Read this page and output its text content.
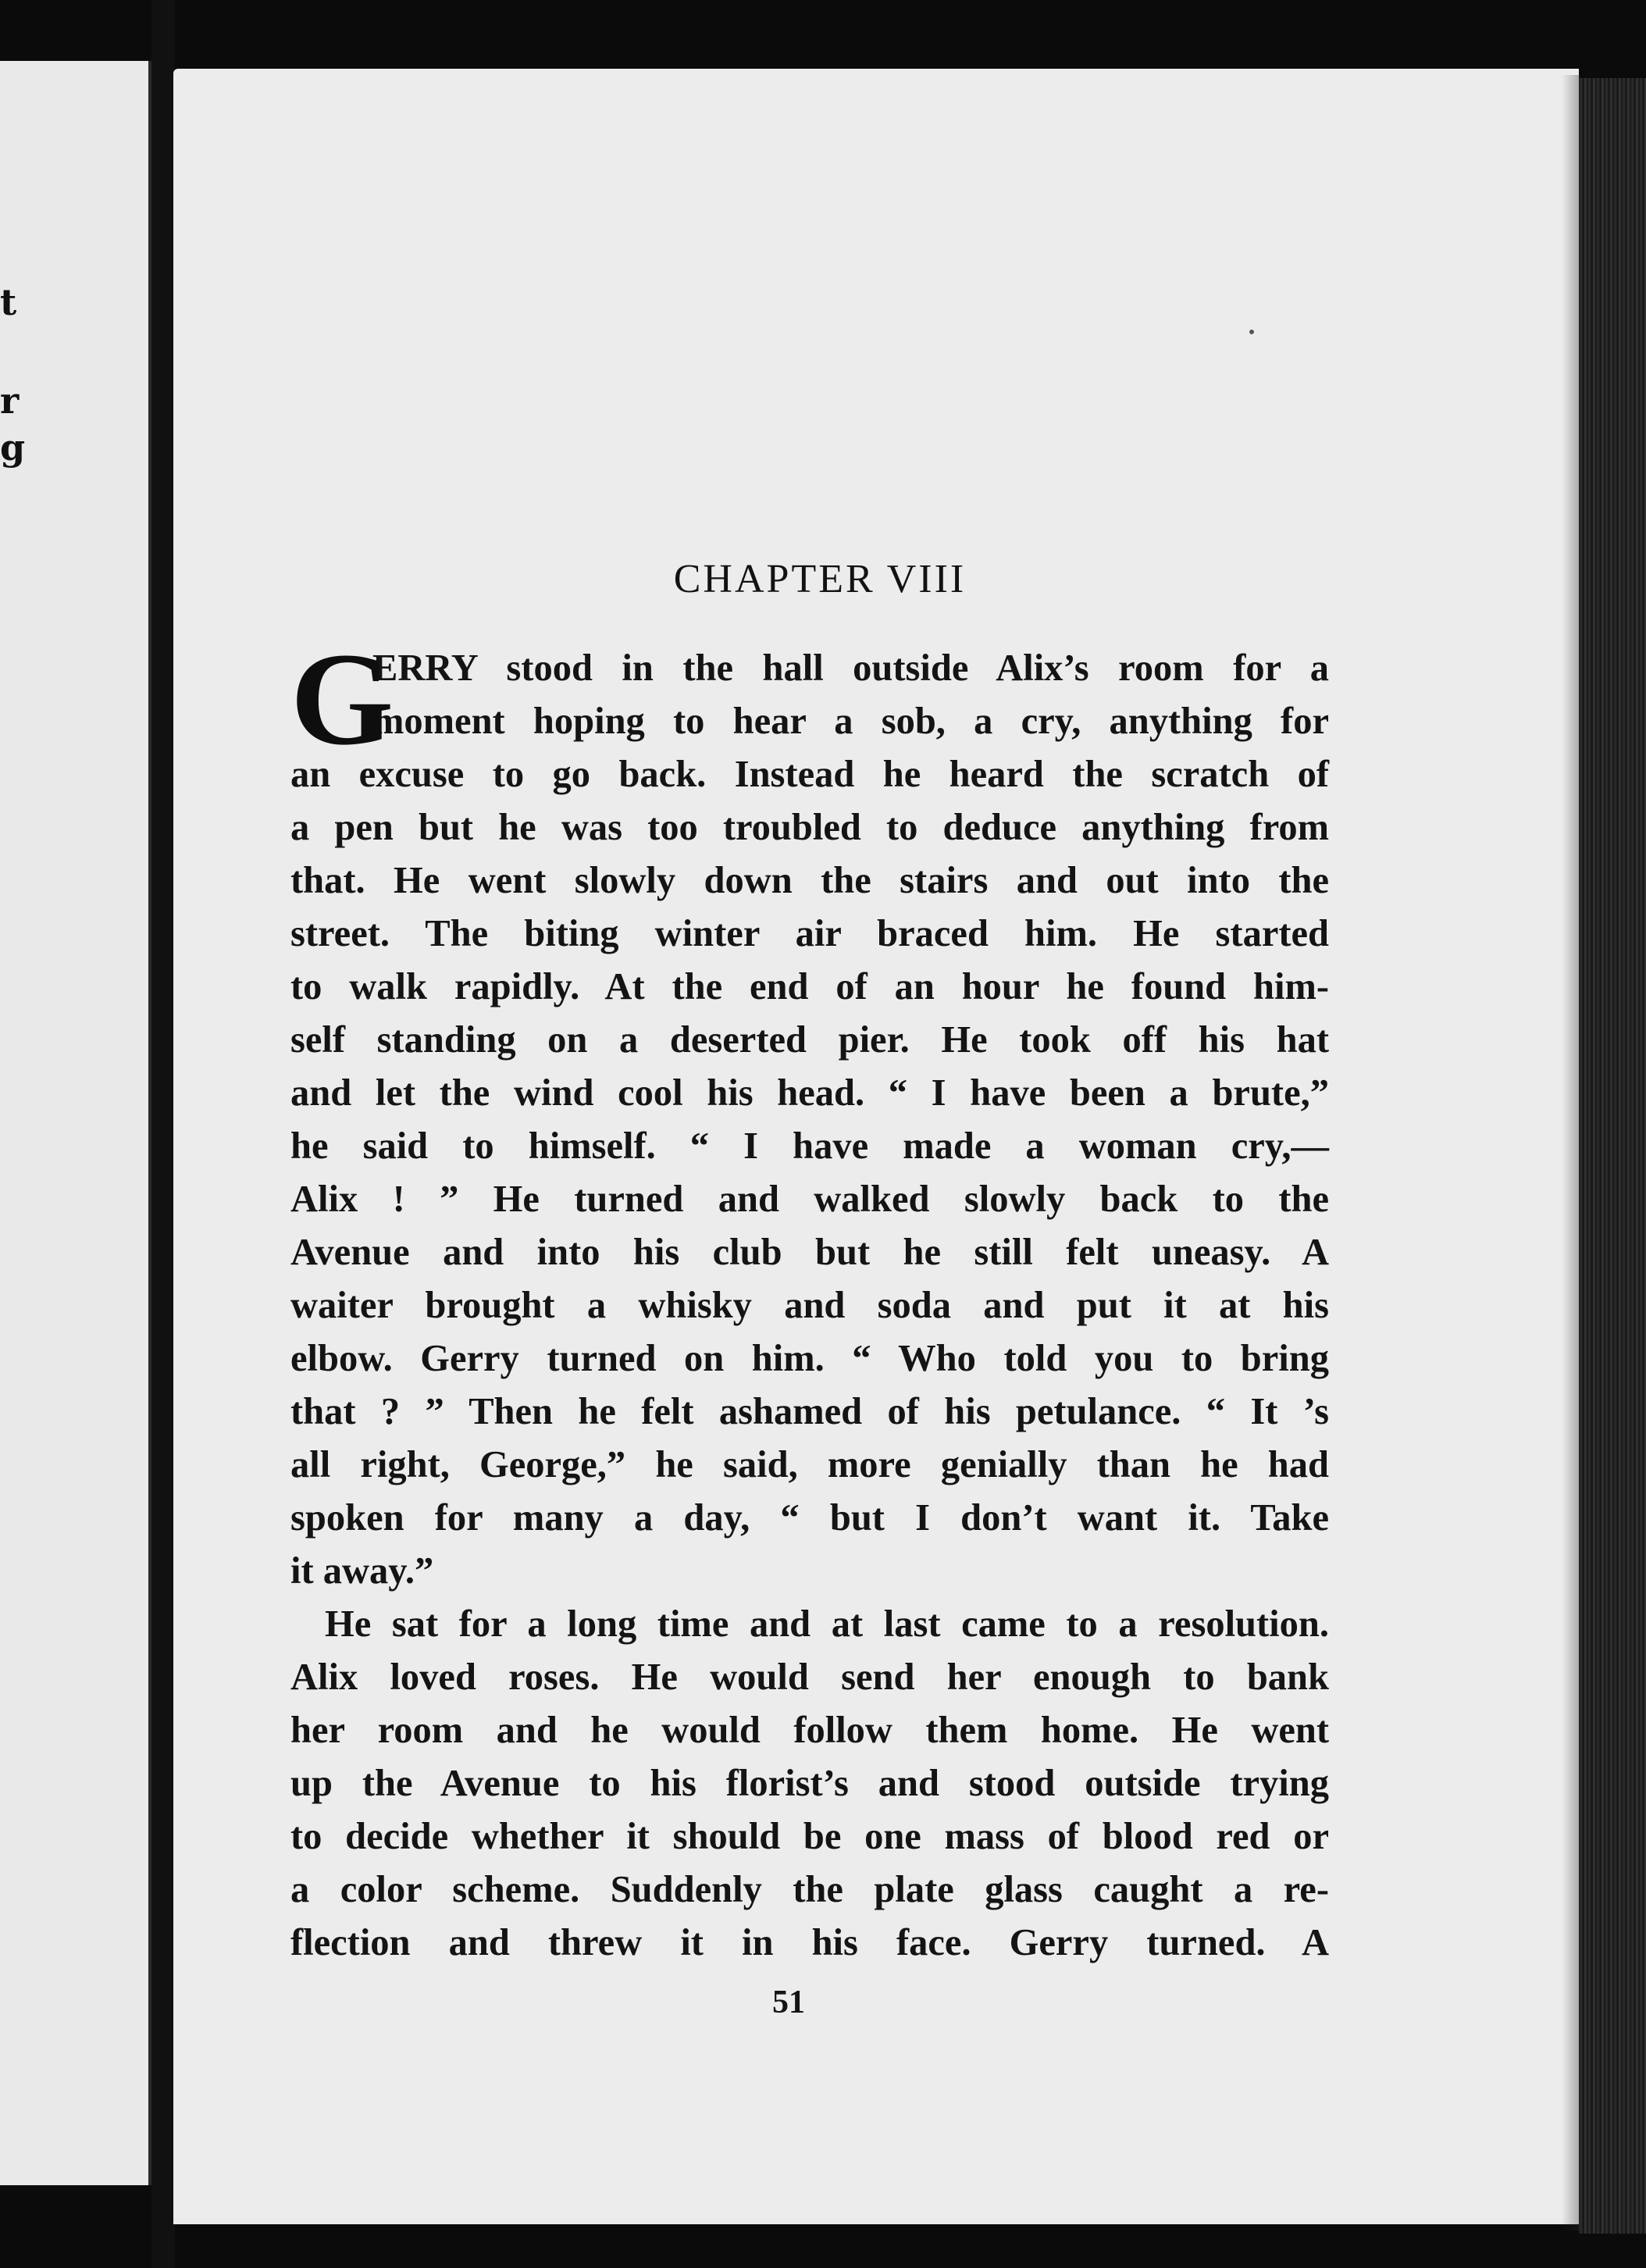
t
r
g
CHAPTER VIII
G
ERRY stood in the hall outside Alix’s room for a
moment hoping to hear a sob, a cry, anything for
an excuse to go back. Instead he heard the scratch of
a pen but he was too troubled to deduce anything from
that. He went slowly down the stairs and out into the
street. The biting winter air braced him. He started
to walk rapidly. At the end of an hour he found him-
self standing on a deserted pier. He took off his hat
and let the wind cool his head. “ I have been a brute,”
he said to himself. “ I have made a woman cry,—
Alix ! ” He turned and walked slowly back to the
Avenue and into his club but he still felt uneasy. A
waiter brought a whisky and soda and put it at his
elbow. Gerry turned on him. “ Who told you to bring
that ? ” Then he felt ashamed of his petulance. “ It ’s
all right, George,” he said, more genially than he had
spoken for many a day, “ but I don’t want it. Take
it away.”
He sat for a long time and at last came to a resolution.
Alix loved roses. He would send her enough to bank
her room and he would follow them home. He went
up the Avenue to his florist’s and stood outside trying
to decide whether it should be one mass of blood red or
a color scheme. Suddenly the plate glass caught a re-
flection and threw it in his face. Gerry turned. A
51
